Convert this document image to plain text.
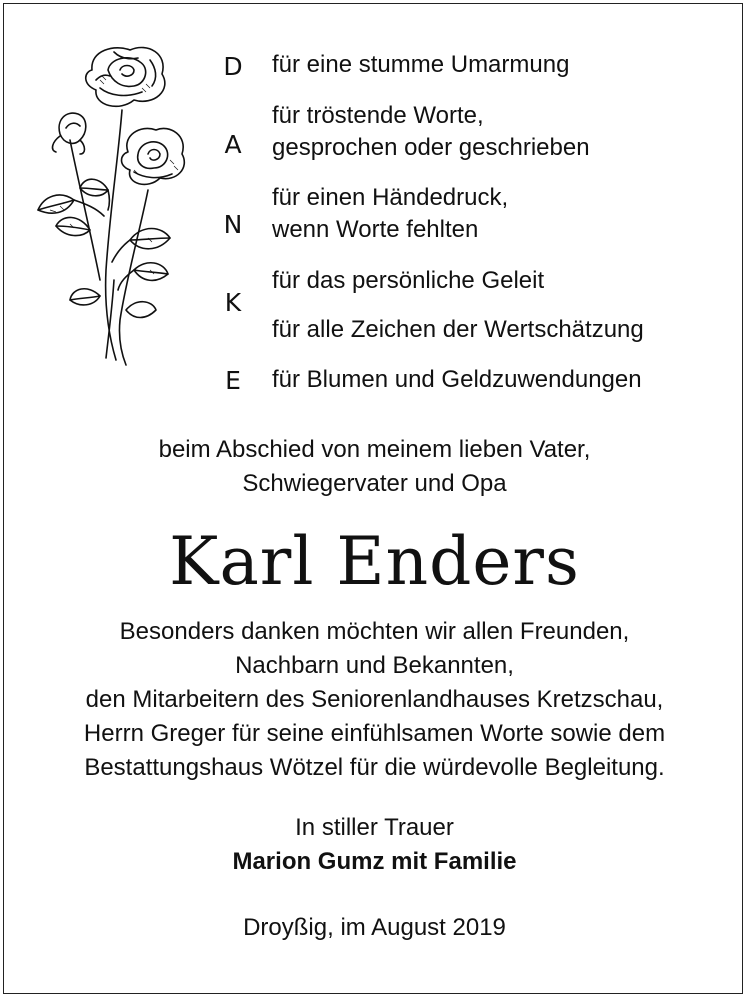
D
A
N
K
E
für eine stumme Umarmung
für tröstende Worte,
gesprochen oder geschrieben
für einen Händedruck,
wenn Worte fehlten
für das persönliche Geleit
für alle Zeichen der Wertschätzung
für Blumen und Geldzuwendungen
beim Abschied von meinem lieben Vater,
Schwiegervater und Opa
Karl Enders
Besonders danken möchten wir allen Freunden,
Nachbarn und Bekannten,
den Mitarbeitern des Seniorenlandhauses Kretzschau,
Herrn Greger für seine einfühlsamen Worte sowie dem
Bestattungshaus Wötzel für die würdevolle Begleitung.
In stiller Trauer
Marion Gumz mit Familie
Droyßig, im August 2019
